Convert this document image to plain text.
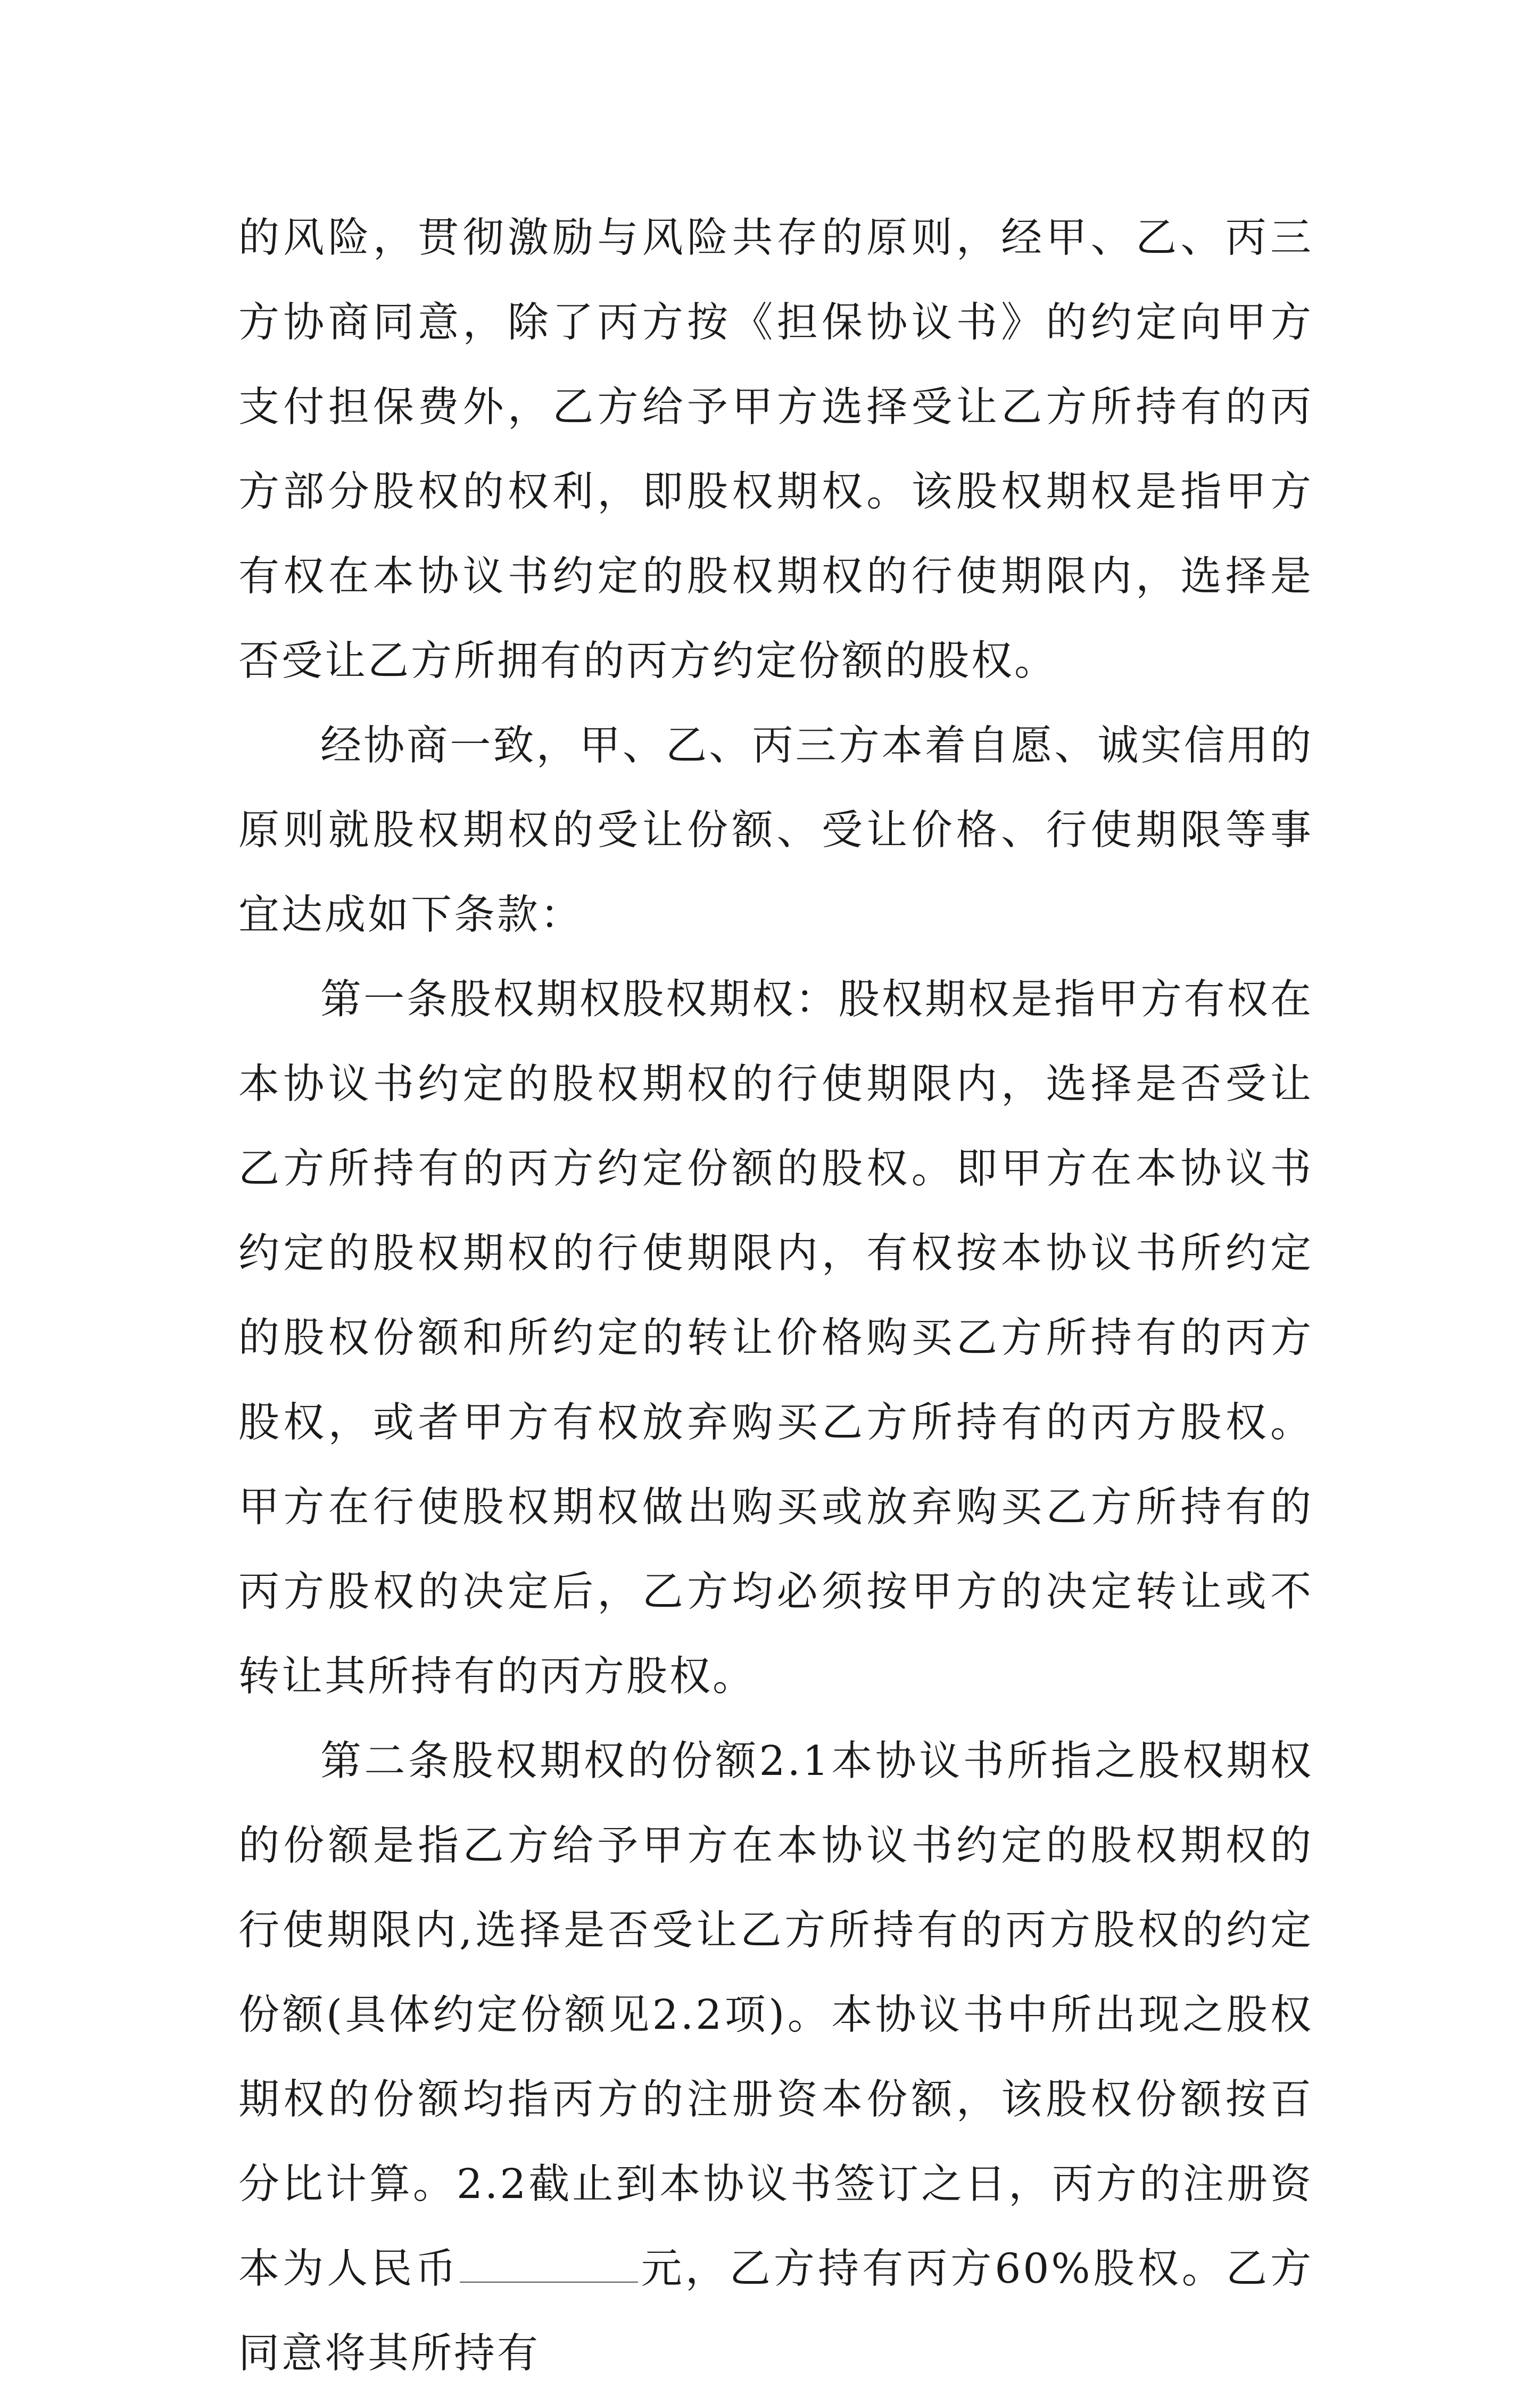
的风险，贯彻激励与风险共存的原则，经甲、乙、丙三方协商同意，除了丙方按《担保协议书》的约定向甲方支付担保费外，乙方给予甲方选择受让乙方所持有的丙方部分股权的权利，即股权期权。该股权期权是指甲方有权在本协议书约定的股权期权的行使期限内，选择是否受让乙方所拥有的丙方约定份额的股权。

经协商一致，甲、乙、丙三方本着自愿、诚实信用的原则就股权期权的受让份额、受让价格、行使期限等事宜达成如下条款：

第一条股权期权股权期权：股权期权是指甲方有权在本协议书约定的股权期权的行使期限内，选择是否受让乙方所持有的丙方约定份额的股权。即甲方在本协议书约定的股权期权的行使期限内，有权按本协议书所约定的股权份额和所约定的转让价格购买乙方所持有的丙方股权，或者甲方有权放弃购买乙方所持有的丙方股权。甲方在行使股权期权做出购买或放弃购买乙方所持有的丙方股权的决定后，乙方均必须按甲方的决定转让或不转让其所持有的丙方股权。

第二条股权期权的份额2.1本协议书所指之股权期权的份额是指乙方给予甲方在本协议书约定的股权期权的行使期限内,选择是否受让乙方所持有的丙方股权的约定份额(具体约定份额见2.2项)。本协议书中所出现之股权期权的份额均指丙方的注册资本份额，该股权份额按百分比计算。2.2截止到本协议书签订之日，丙方的注册资本为人民币	元，乙方持有丙方60%股权。乙方同意将其所持有
